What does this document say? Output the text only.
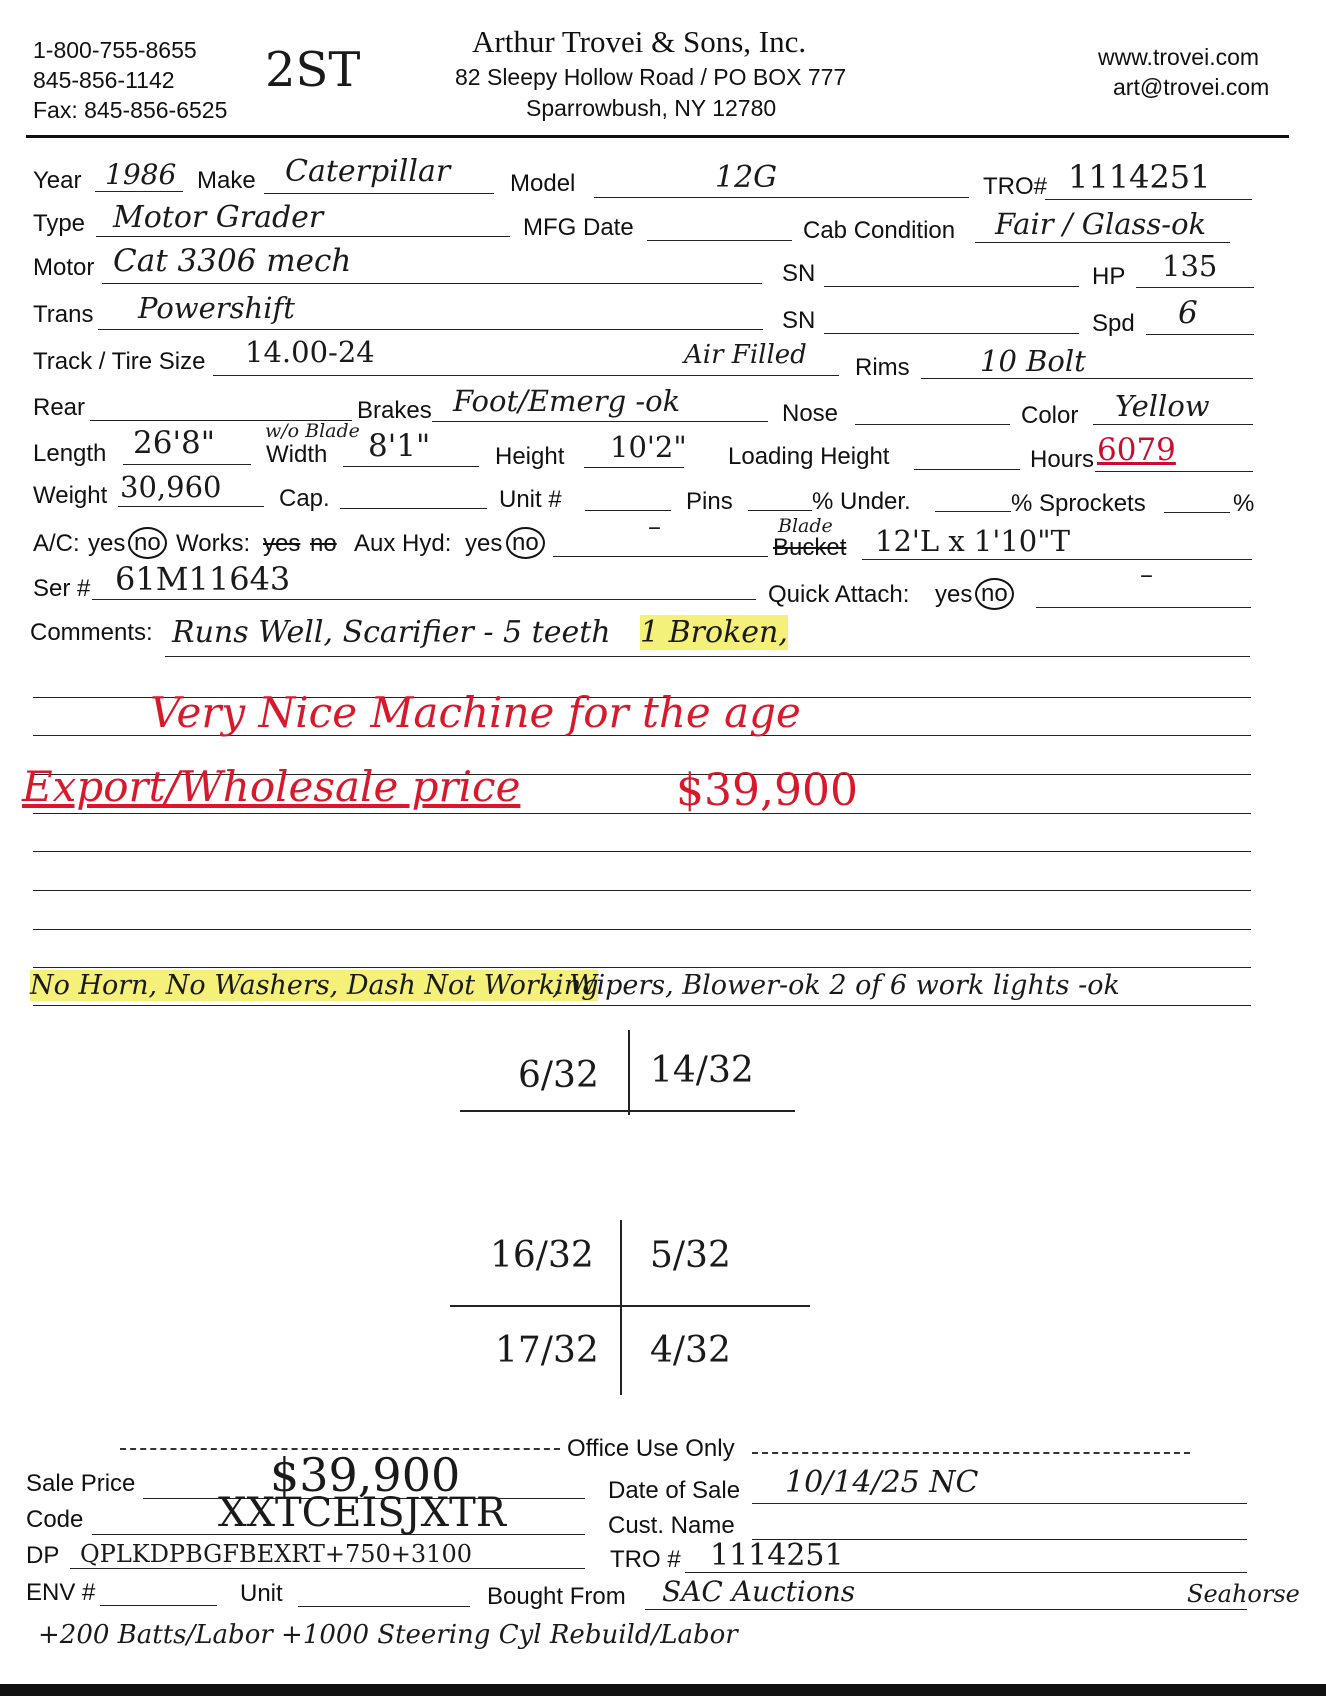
1-800-755-8655
845-856-1142
Fax: 845-856-6525
2ST
Arthur Trovei & Sons, Inc.
82 Sleepy Hollow Road / PO BOX 777
Sparrowbush, NY 12780
www.trovei.com
art@trovei.com
Year 1986 Make Caterpillar Model	12G	TRO# 1114251
Type Motor Grader	MFG Date	Cab Condition Fair / Glass-ok
Motor Cat 3306 mech	SN	HP 135
Trans Powershift	SN	Spd 6
Track / Tire Size 14.00-24	Air Filled Rims 10 Bolt
Rear	Brakes Foot/Emerg -ok	Nose	Color Yellow
Length 26'8"	w/o Blade
Width 8'1"	Height 10'2" Loading Height	Hours 6079
Weight 30,960 Cap.	Unit #	Pins	% Under.	% Sprockets	%
A/C: yes no Works: yes no Aux Hyd: yes no
–	Blade
Bucket 12'L x 1'10"T
Ser # 61M11643	Quick Attach: yes no
–
Comments: Runs Well, Scarifier - 5 teeth 1 Broken,
Very Nice Machine for the age
Export/Wholesale price	$39,900
No Horn, No Washers, Dash Not Working
, Wipers, Blower-ok 2 of 6 work lights -ok
6/32 14/32
16/32 5/32
17/32 4/32
Office Use Only
Sale Price	$39,900	Date of Sale 10/14/25 NC
Code	XXTCEISJXTR	Cust. Name
DP QPLKDPBGFBEXRT+750+3100	TRO # 1114251
ENV #	Unit	Bought From SAC Auctions	Seahorse
+200 Batts/Labor +1000 Steering Cyl Rebuild/Labor
